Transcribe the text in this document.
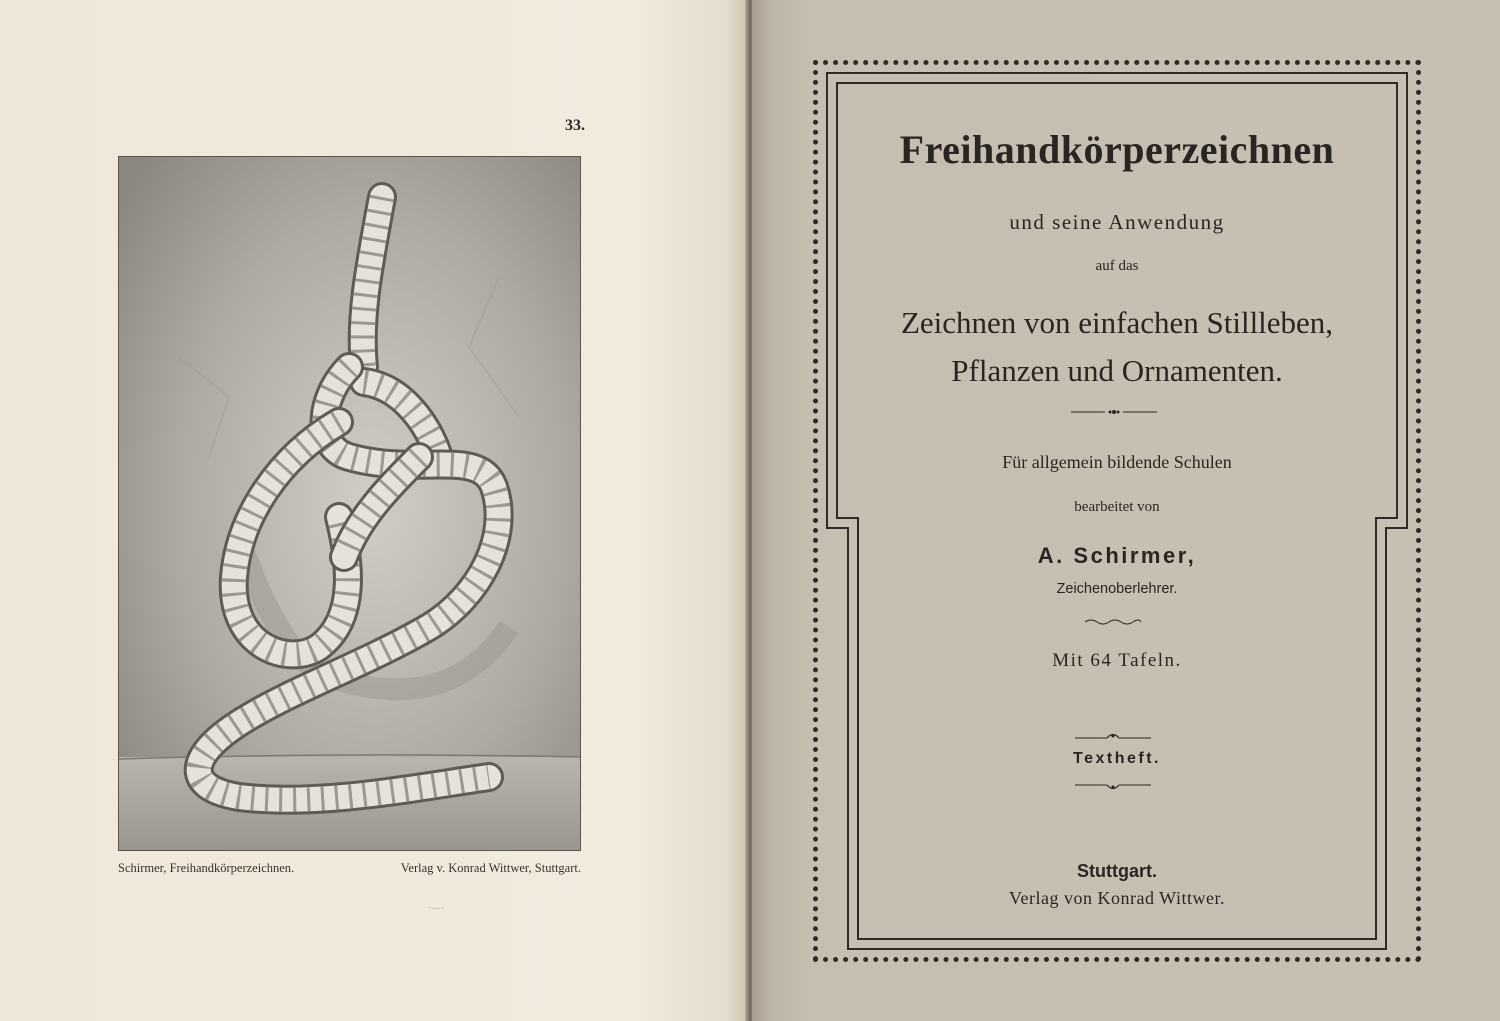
33.
Schirmer, Freihandkörperzeichnen.	Verlag v. Konrad Wittwer, Stuttgart.
·—·
Freihandkörperzeichnen
und seine Anwendung
auf das
Zeichnen von einfachen Stillleben,
Pflanzen und Ornamenten.
Für allgemein bildende Schulen
bearbeitet von
A. Schirmer,
Zeichenoberlehrer.
Mit 64 Tafeln.
Textheft.
Stuttgart.
Verlag von Konrad Wittwer.
